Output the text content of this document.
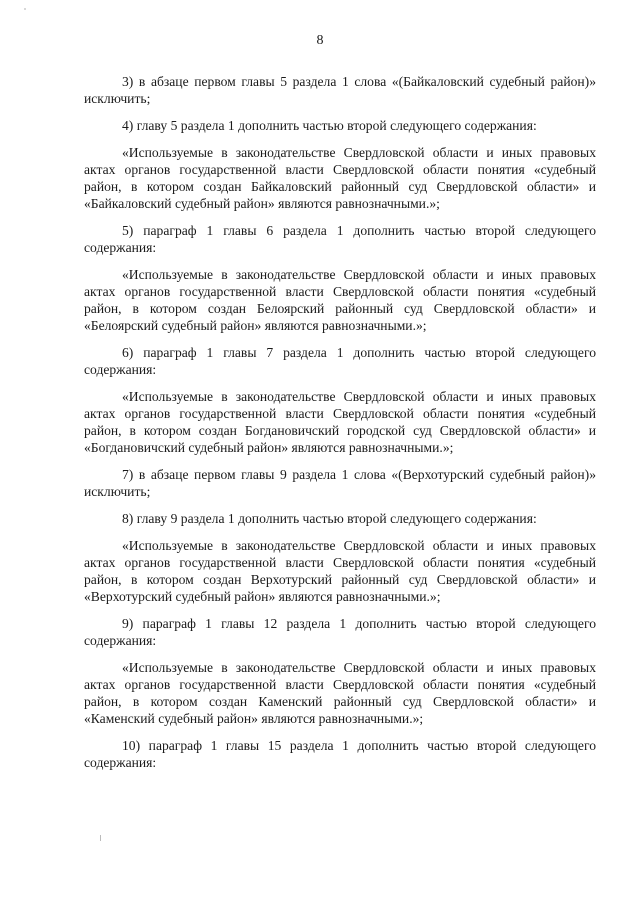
8

3) в абзаце первом главы 5 раздела 1 слова «(Байкаловский судебный район)» исключить;

4) главу 5 раздела 1 дополнить частью второй следующего содержания:

«Используемые в законодательстве Свердловской области и иных правовых актах органов государственной власти Свердловской области понятия «судебный район, в котором создан Байкаловский районный суд Свердловской области» и «Байкаловский судебный район» являются равнозначными.»;

5) параграф 1 главы 6 раздела 1 дополнить частью второй следующего содержания:

«Используемые в законодательстве Свердловской области и иных правовых актах органов государственной власти Свердловской области понятия «судебный район, в котором создан Белоярский районный суд Свердловской области» и «Белоярский судебный район» являются равнозначными.»;

6) параграф 1 главы 7 раздела 1 дополнить частью второй следующего содержания:

«Используемые в законодательстве Свердловской области и иных правовых актах органов государственной власти Свердловской области понятия «судебный район, в котором создан Богдановичский городской суд Свердловской области» и «Богдановичский судебный район» являются равнозначными.»;

7) в абзаце первом главы 9 раздела 1 слова «(Верхотурский судебный район)» исключить;

8) главу 9 раздела 1 дополнить частью второй следующего содержания:

«Используемые в законодательстве Свердловской области и иных правовых актах органов государственной власти Свердловской области понятия «судебный район, в котором создан Верхотурский районный суд Свердловской области» и «Верхотурский судебный район» являются равнозначными.»;

9) параграф 1 главы 12 раздела 1 дополнить частью второй следующего содержания:

«Используемые в законодательстве Свердловской области и иных правовых актах органов государственной власти Свердловской области понятия «судебный район, в котором создан Каменский районный суд Свердловской области» и «Каменский судебный район» являются равнозначными.»;

10) параграф 1 главы 15 раздела 1 дополнить частью второй следующего содержания:
